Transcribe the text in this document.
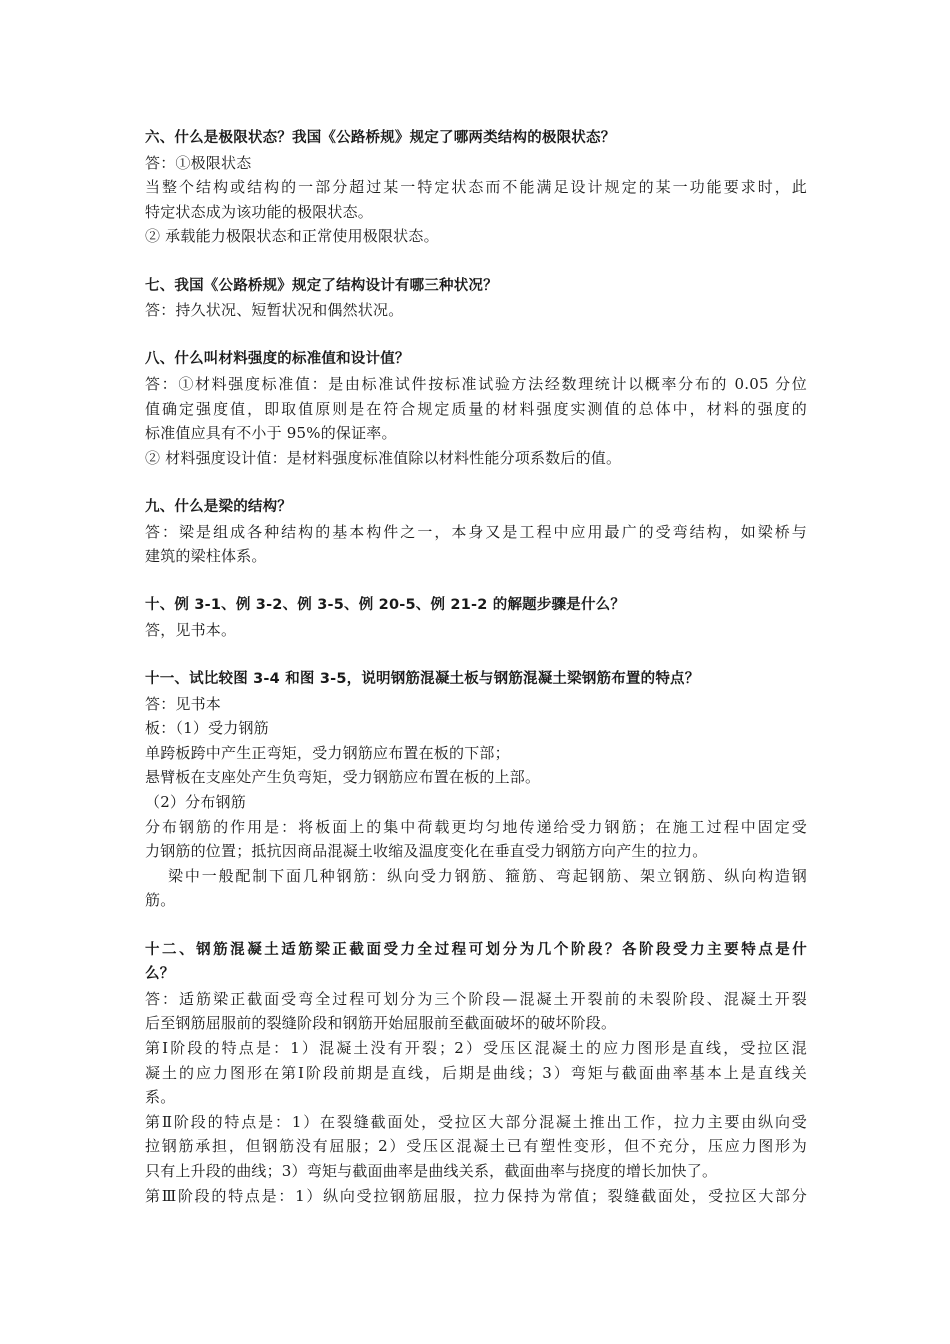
六、什么是极限状态？我国《公路桥规》规定了哪两类结构的极限状态？
答：①极限状态
当整个结构或结构的一部分超过某一特定状态而不能满足设计规定的某一功能要求时，此
特定状态成为该功能的极限状态。
② 承载能力极限状态和正常使用极限状态。
七、我国《公路桥规》规定了结构设计有哪三种状况？
答：持久状况、短暂状况和偶然状况。
八、什么叫材料强度的标准值和设计值？
答：①材料强度标准值：是由标准试件按标准试验方法经数理统计以概率分布的 0.05 分位
值确定强度值，即取值原则是在符合规定质量的材料强度实测值的总体中，材料的强度的
标准值应具有不小于 95%的保证率。
② 材料强度设计值：是材料强度标准值除以材料性能分项系数后的值。
九、什么是梁的结构？
答：梁是组成各种结构的基本构件之一，本身又是工程中应用最广的受弯结构，如梁桥与
建筑的梁柱体系。
十、例 3-1、例 3-2、例 3-5、例 20-5、例 21-2 的解题步骤是什么？
答，见书本。
十一、试比较图 3-4 和图 3-5，说明钢筋混凝土板与钢筋混凝土梁钢筋布置的特点？
答：见书本
板：（1）受力钢筋
单跨板跨中产生正弯矩，受力钢筋应布置在板的下部；
悬臂板在支座处产生负弯矩，受力钢筋应布置在板的上部。
（2）分布钢筋
分布钢筋的作用是：将板面上的集中荷载更均匀地传递给受力钢筋；在施工过程中固定受
力钢筋的位置；抵抗因商品混凝土收缩及温度变化在垂直受力钢筋方向产生的拉力。
梁中一般配制下面几种钢筋：纵向受力钢筋、箍筋、弯起钢筋、架立钢筋、纵向构造钢
筋。
十二、钢筋混凝土适筋梁正截面受力全过程可划分为几个阶段？各阶段受力主要特点是什
么？
答：适筋梁正截面受弯全过程可划分为三个阶段—混凝土开裂前的未裂阶段、混凝土开裂
后至钢筋屈服前的裂缝阶段和钢筋开始屈服前至截面破坏的破坏阶段。
第Ⅰ阶段的特点是：1）混凝土没有开裂；2）受压区混凝土的应力图形是直线，受拉区混
凝土的应力图形在第Ⅰ阶段前期是直线，后期是曲线；3）弯矩与截面曲率基本上是直线关
系。
第Ⅱ阶段的特点是：1）在裂缝截面处，受拉区大部分混凝土推出工作，拉力主要由纵向受
拉钢筋承担，但钢筋没有屈服；2）受压区混凝土已有塑性变形，但不充分，压应力图形为
只有上升段的曲线；3）弯矩与截面曲率是曲线关系，截面曲率与挠度的增长加快了。
第Ⅲ阶段的特点是：1）纵向受拉钢筋屈服，拉力保持为常值；裂缝截面处，受拉区大部分
